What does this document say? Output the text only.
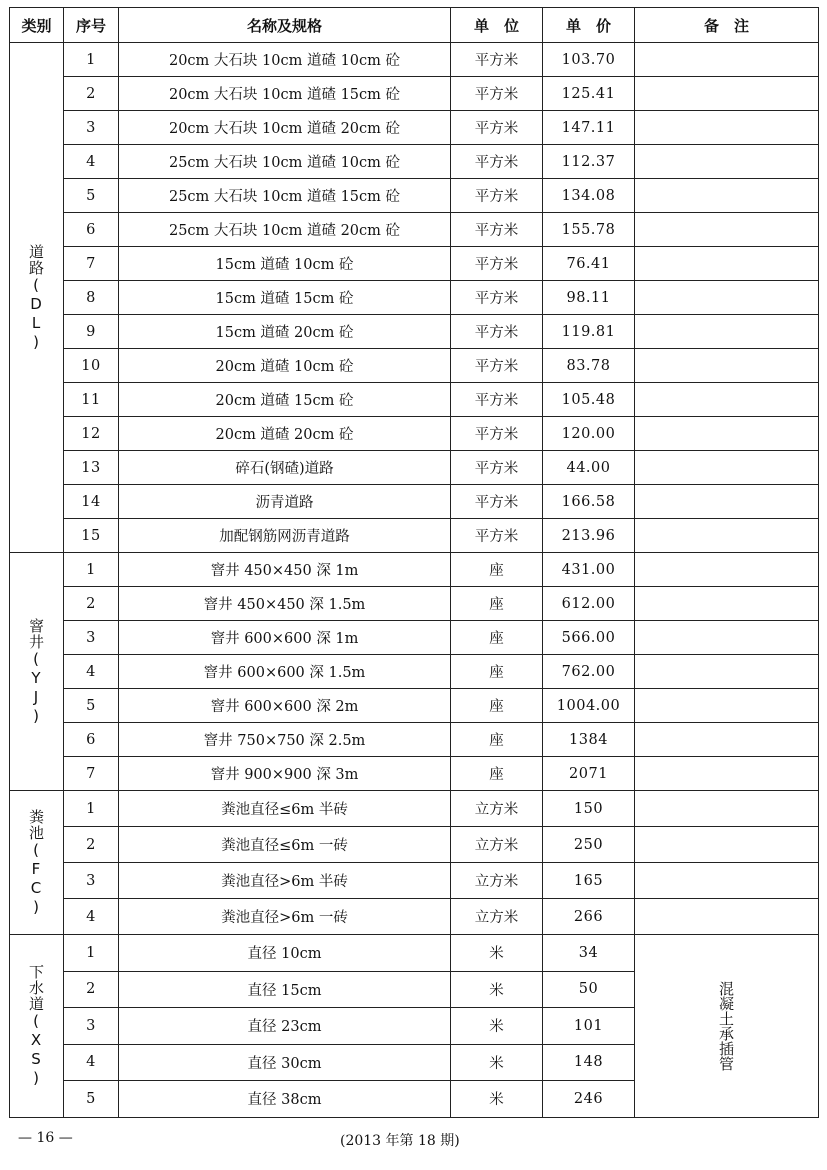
类别	序号	名称及规格	单　位	单　价	备　注

道路(DL)	1	20cm 大石块 10cm 道碴 10cm 砼	平方米	103.70	
	2	20cm 大石块 10cm 道碴 15cm 砼	平方米	125.41	
	3	20cm 大石块 10cm 道碴 20cm 砼	平方米	147.11	
	4	25cm 大石块 10cm 道碴 10cm 砼	平方米	112.37	
	5	25cm 大石块 10cm 道碴 15cm 砼	平方米	134.08	
	6	25cm 大石块 10cm 道碴 20cm 砼	平方米	155.78	
	7	15cm 道碴 10cm 砼	平方米	76.41	
	8	15cm 道碴 15cm 砼	平方米	98.11	
	9	15cm 道碴 20cm 砼	平方米	119.81	
	10	20cm 道碴 10cm 砼	平方米	83.78	
	11	20cm 道碴 15cm 砼	平方米	105.48	
	12	20cm 道碴 20cm 砼	平方米	120.00	
	13	碎石(钢碴)道路	平方米	44.00	
	14	沥青道路	平方米	166.58	
	15	加配钢筋网沥青道路	平方米	213.96	

窨井(YJ)	1	窨井 450×450 深 1m	座	431.00	
	2	窨井 450×450 深 1.5m	座	612.00	
	3	窨井 600×600 深 1m	座	566.00	
	4	窨井 600×600 深 1.5m	座	762.00	
	5	窨井 600×600 深 2m	座	1004.00	
	6	窨井 750×750 深 2.5m	座	1384	
	7	窨井 900×900 深 3m	座	2071	

粪池(FC)	1	粪池直径≤6m 半砖	立方米	150	
	2	粪池直径≤6m 一砖	立方米	250	
	3	粪池直径>6m 半砖	立方米	165	
	4	粪池直径>6m 一砖	立方米	266	

下水道(XS)	1	直径 10cm	米	34	混凝土承插管

	2	直径 15cm	米	50	
	3	直径 23cm	米	101	
	4	直径 30cm	米	148	
	5	直径 38cm	米	246	
— 16 —	(2013 年第 18 期)
